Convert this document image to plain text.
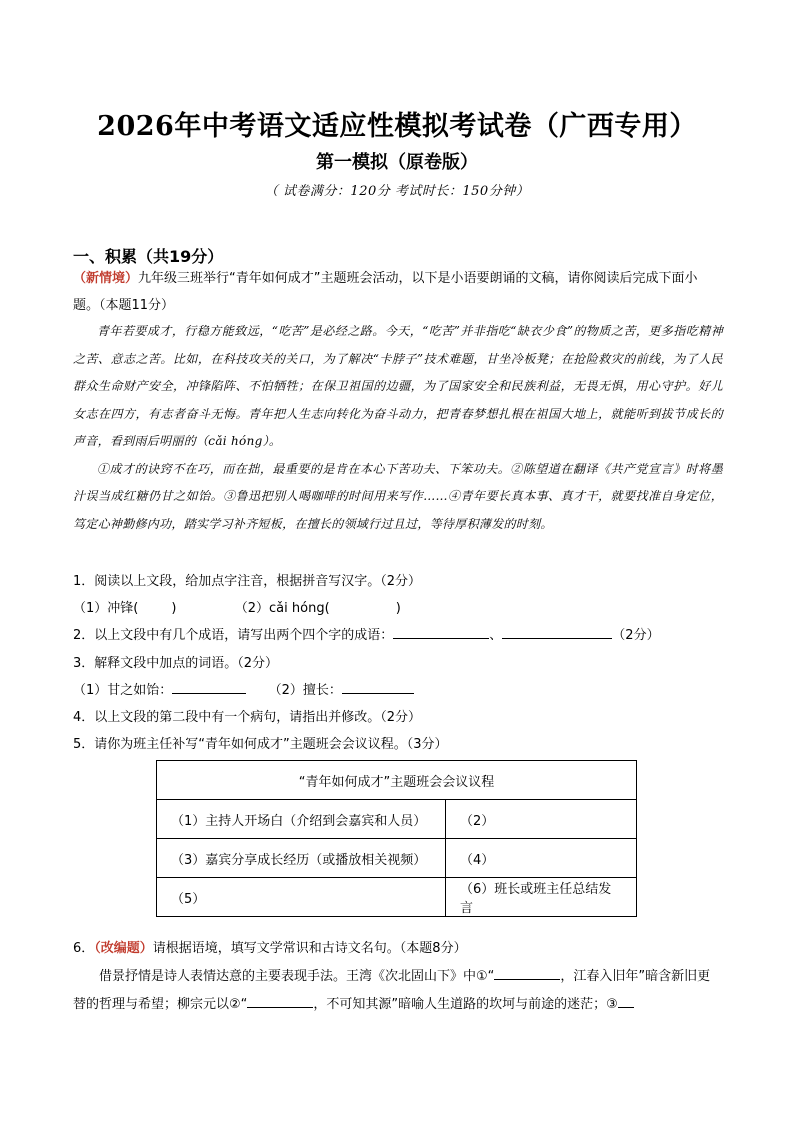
2026年中考语文适应性模拟考试卷（广西专用）
第一模拟（原卷版）
（ 试卷满分：120分 考试时长：150分钟）
一、积累（共19分）
（新情境）九年级三班举行“青年如何成才”主题班会活动，以下是小语要朗诵的文稿，请你阅读后完成下面小题。（本题11分）

青年若要成才，行稳方能致远，“吃苦”是必经之路。今天，“吃苦”并非指吃“缺衣少食”的物质之苦，更多指吃精神之苦、意志之苦。比如，在科技攻关的关口，为了解决“卡脖子”技术难题，甘坐冷板凳；在抢险救灾的前线，为了人民群众生命财产安全，冲锋陷阵、不怕牺牲；在保卫祖国的边疆，为了国家安全和民族利益，无畏无惧，用心守护。好儿女志在四方，有志者奋斗无悔。青年把人生志向转化为奋斗动力，把青春梦想扎根在祖国大地上，就能听到拔节成长的声音，看到雨后明丽的（cǎi hóng）。

①成才的诀窍不在巧，而在拙，最重要的是肯在本心下苦功夫、下笨功夫。②陈望道在翻译《共产党宣言》时将墨汁误当成红糖仍甘之如饴。③鲁迅把别人喝咖啡的时间用来写作……④青年要长真本事、真才干，就要找准自身定位，笃定心神勤修内功，踏实学习补齐短板，在擅长的领域行过且过，等待厚积薄发的时刻。

1．阅读以上文段，给加点字注音，根据拼音写汉字。（2分）
（1）冲锋(        )	（2）cǎi hóng(                )
2．以上文段中有几个成语，请写出两个四个字的成语：	、	（2分）
3．解释文段中加点的词语。（2分）
（1）甘之如饴：	（2）擅长：
4．以上文段的第二段中有一个病句，请指出并修改。（2分）
5．请你为班主任补写“青年如何成才”主题班会会议议程。（3分）
“青年如何成才”主题班会会议议程	
（1）主持人开场白（介绍到会嘉宾和人员）	（2）
（3）嘉宾分享成长经历（或播放相关视频）	（4）
（5）	（6）班长或班主任总结发言
6．（改编题）请根据语境，填写文学常识和古诗文名句。（本题8分）

借景抒情是诗人表情达意的主要表现手法。王湾《次北固山下》中①“	，江春入旧年”暗含新旧更替的哲理与希望；柳宗元以②“	，不可知其源”暗喻人生道路的坎坷与前途的迷茫；③
